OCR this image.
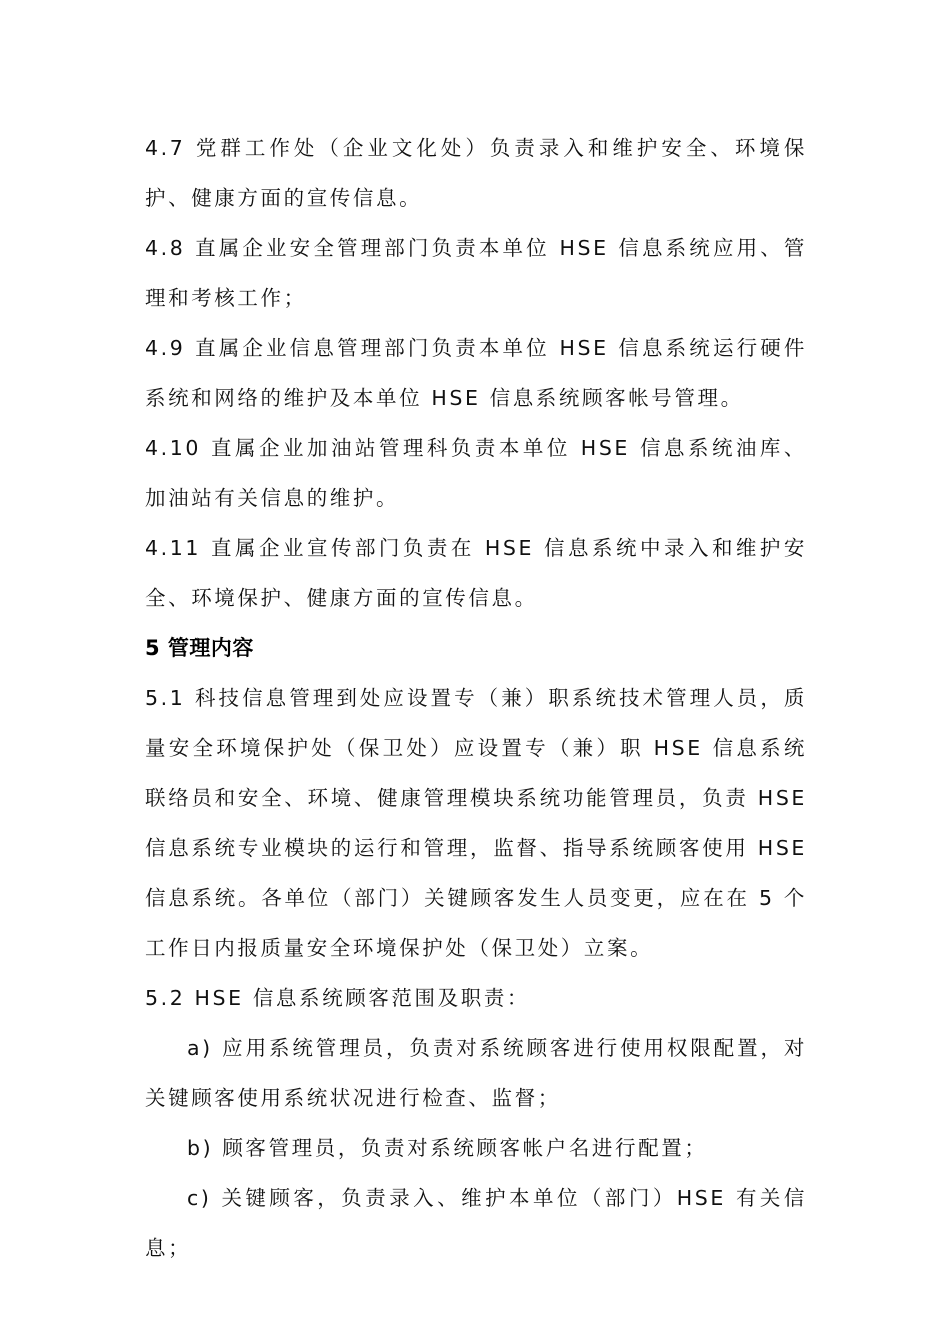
4.7 党群工作处（企业文化处）负责录入和维护安全、环境保护、健康方面的宣传信息。

4.8 直属企业安全管理部门负责本单位 HSE 信息系统应用、管理和考核工作；

4.9 直属企业信息管理部门负责本单位 HSE 信息系统运行硬件系统和网络的维护及本单位 HSE 信息系统顾客帐号管理。

4.10 直属企业加油站管理科负责本单位 HSE 信息系统油库、加油站有关信息的维护。

4.11 直属企业宣传部门负责在 HSE 信息系统中录入和维护安全、环境保护、健康方面的宣传信息。

5 管理内容

5.1 科技信息管理到处应设置专（兼）职系统技术管理人员，质量安全环境保护处（保卫处）应设置专（兼）职 HSE 信息系统联络员和安全、环境、健康管理模块系统功能管理员，负责 HSE 信息系统专业模块的运行和管理，监督、指导系统顾客使用 HSE 信息系统。各单位（部门）关键顾客发生人员变更，应在在 5 个工作日内报质量安全环境保护处（保卫处）立案。

5.2 HSE 信息系统顾客范围及职责：

a) 应用系统管理员，负责对系统顾客进行使用权限配置，对关键顾客使用系统状况进行检查、监督；

b) 顾客管理员，负责对系统顾客帐户名进行配置；

c) 关键顾客，负责录入、维护本单位（部门）HSE 有关信息；
